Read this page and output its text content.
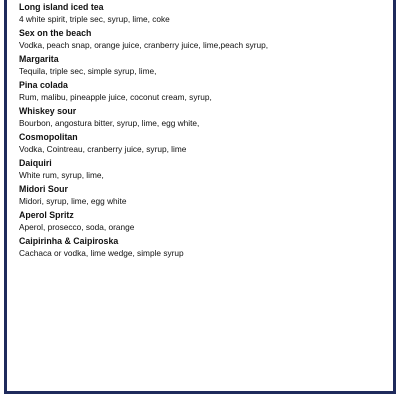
Long island iced tea
4 white spirit, triple sec, syrup, lime, coke
Sex on the beach
Vodka, peach snap, orange juice, cranberry juice, lime,peach syrup,
Margarita
Tequila, triple sec, simple syrup, lime,
Pina colada
Rum, malibu, pineapple juice, coconut cream, syrup,
Whiskey sour
Bourbon, angostura bitter, syrup, lime, egg white,
Cosmopolitan
Vodka, Cointreau, cranberry juice, syrup, lime
Daiquiri
White rum, syrup, lime,
Midori Sour
Midori, syrup, lime, egg white
Aperol Spritz
Aperol, prosecco, soda, orange
Caipirinha & Caipiroska
Cachaca or vodka, lime wedge, simple syrup
